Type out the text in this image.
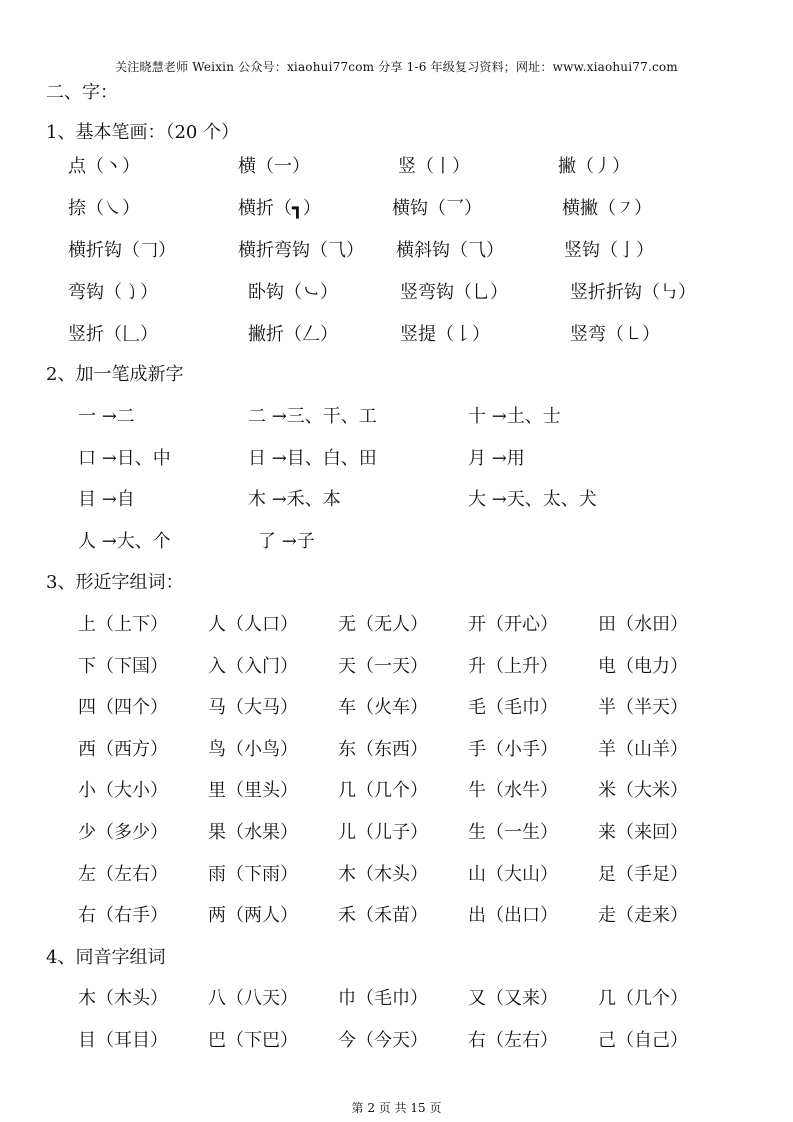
关注晓慧老师 Weixin 公众号：xiaohui77com 分享 1-6 年级复习资料；网址：www.xiaohui77.com
二、字：
1、基本笔画：（20 个）
点（丶）	横（一）	竖（丨）	撇（丿）
捺（㇏）	横折（┓）	横钩（乛）	横撇（㇇）
横折钩（𠃌）	横折弯钩（⺄） 横斜钩（⺄）	竖钩（亅）
弯钩（㇁）	卧钩（㇃）	竖弯钩（乚）	竖折折钩（㇉）
竖折（𠃊）	撇折（𠃋）	竖提（𠄌）	竖弯（㇄）
2、加一笔成新字
一 →二	二 →三、干、工	十 →土、士
口 →日、中	日 →目、白、田	月 →用
目 →自	木 →禾、本	大 →天、太、犬
人 →大、个	了 →子
3、形近字组词：
上（上下） 人（人口） 无（无人） 开（开心） 田（水田）
下（下国） 入（入门） 天（一天） 升（上升） 电（电力）
四（四个） 马（大马） 车（火车） 毛（毛巾） 半（半天）
西（西方） 鸟（小鸟） 东（东西） 手（小手） 羊（山羊）
小（大小） 里（里头） 几（几个） 牛（水牛） 米（大米）
少（多少） 果（水果） 儿（儿子） 生（一生） 来（来回）
左（左右） 雨（下雨） 木（木头） 山（大山） 足（手足）
右（右手） 两（两人） 禾（禾苗） 出（出口） 走（走来）
4、同音字组词
木（木头） 八（八天） 巾（毛巾） 又（又来） 几（几个）
目（耳目） 巴（下巴） 今（今天） 右（左右） 己（自己）
第 2 页 共 15 页
